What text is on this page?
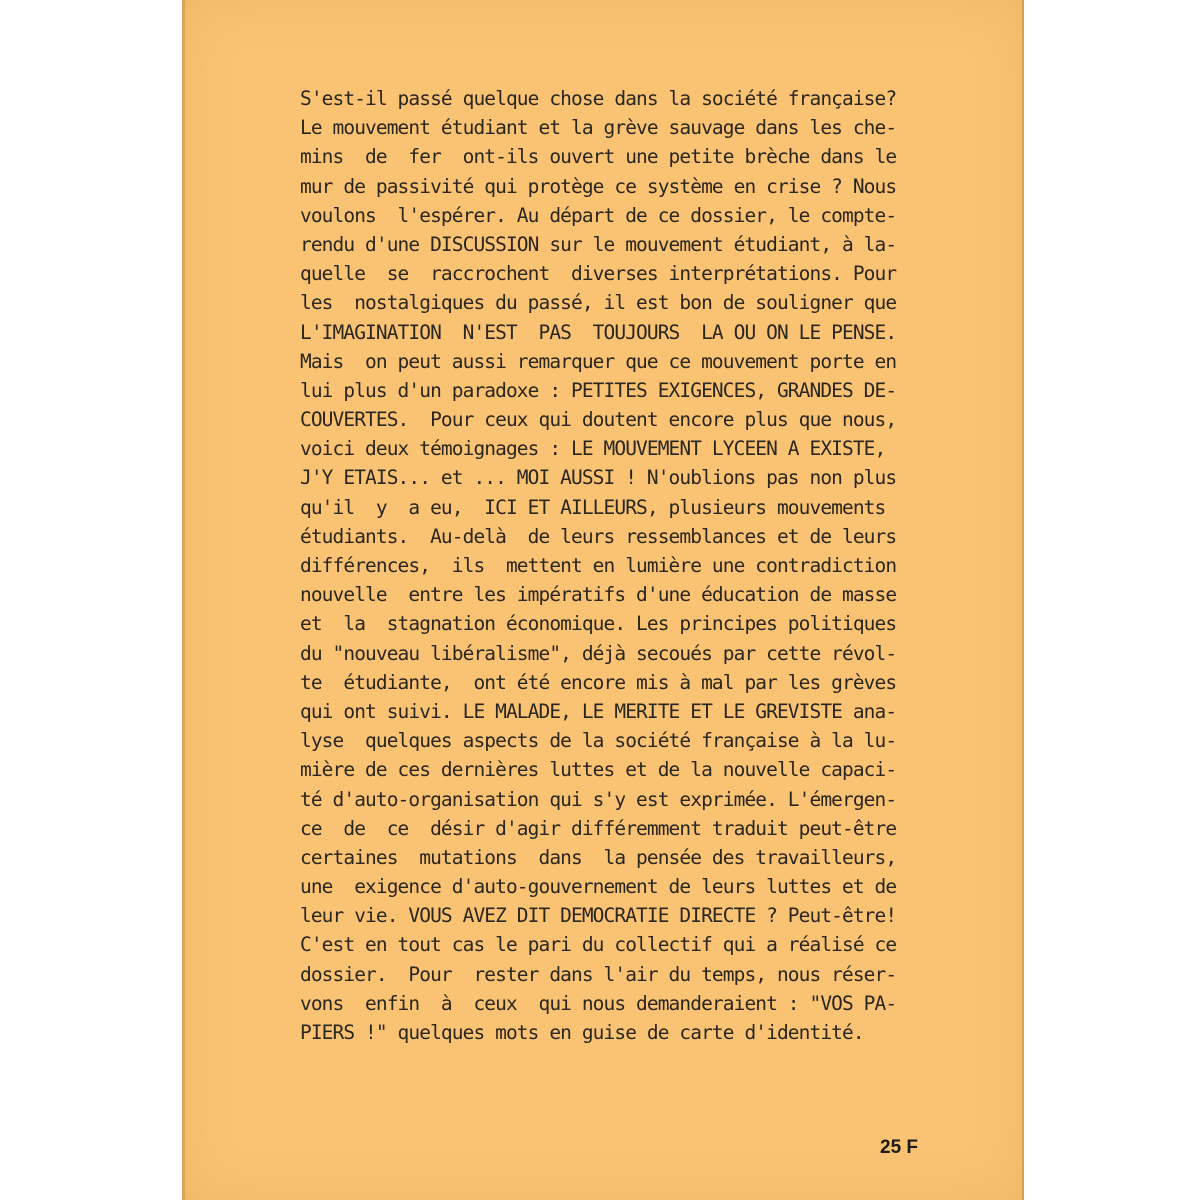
S'est-il passé quelque chose dans la société française?
Le mouvement étudiant et la grève sauvage dans les che-
mins  de  fer  ont-ils ouvert une petite brèche dans le
mur de passivité qui protège ce système en crise ? Nous
voulons  l'espérer. Au départ de ce dossier, le compte-
rendu d'une DISCUSSION sur le mouvement étudiant, à la-
quelle  se  raccrochent  diverses interprétations. Pour
les  nostalgiques du passé, il est bon de souligner que
L'IMAGINATION  N'EST  PAS  TOUJOURS  LA OU ON LE PENSE.
Mais  on peut aussi remarquer que ce mouvement porte en
lui plus d'un paradoxe : PETITES EXIGENCES, GRANDES DE-
COUVERTES.  Pour ceux qui doutent encore plus que nous,
voici deux témoignages : LE MOUVEMENT LYCEEN A EXISTE,
J'Y ETAIS... et ... MOI AUSSI ! N'oublions pas non plus
qu'il  y  a eu,  ICI ET AILLEURS, plusieurs mouvements
étudiants.  Au-delà  de leurs ressemblances et de leurs
différences,  ils  mettent en lumière une contradiction
nouvelle  entre les impératifs d'une éducation de masse
et  la  stagnation économique. Les principes politiques
du "nouveau libéralisme", déjà secoués par cette révol-
te  étudiante,  ont été encore mis à mal par les grèves
qui ont suivi. LE MALADE, LE MERITE ET LE GREVISTE ana-
lyse  quelques aspects de la société française à la lu-
mière de ces dernières luttes et de la nouvelle capaci-
té d'auto-organisation qui s'y est exprimée. L'émergen-
ce  de  ce  désir d'agir différemment traduit peut-être
certaines  mutations  dans  la pensée des travailleurs,
une  exigence d'auto-gouvernement de leurs luttes et de
leur vie. VOUS AVEZ DIT DEMOCRATIE DIRECTE ? Peut-être!
C'est en tout cas le pari du collectif qui a réalisé ce
dossier.  Pour  rester dans l'air du temps, nous réser-
vons  enfin  à  ceux  qui nous demanderaient : "VOS PA-
PIERS !" quelques mots en guise de carte d'identité.
25 F
